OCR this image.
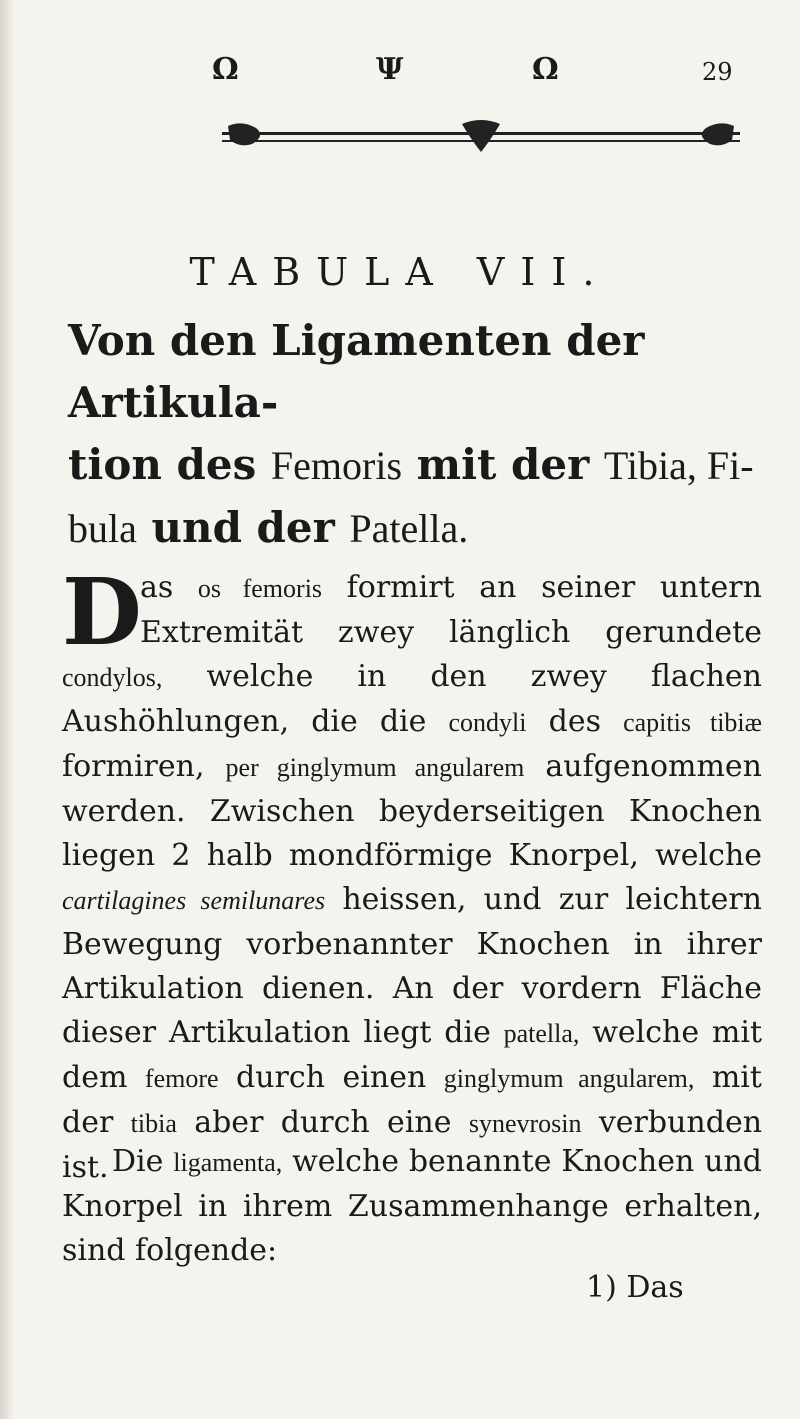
Ω	Ψ	Ω	29
TABULA VII.
Von den Ligamenten der Artikula-
tion des Femoris mit der Tibia, Fi-
bula und der Patella.
D
as os femoris formirt an seiner untern Extremität zwey länglich gerundete condylos, welche in den zwey flachen Aushöhlungen, die die condyli des capitis tibiæ formiren, per ginglymum angularem aufgenommen werden. Zwischen beyderseitigen Knochen liegen 2 halb mondförmige Knorpel, welche cartilagines semilunares heissen, und zur leichtern Bewegung vorbenannter Knochen in ihrer Artikulation dienen. An der vordern Fläche dieser Artikulation liegt die patella, welche mit dem femore durch einen ginglymum angularem, mit der tibia aber durch eine synevrosin verbunden ist. Die ligamenta, welche benannte Knochen und Knorpel in ihrem Zusammenhange erhalten, sind folgende:
1) Das
